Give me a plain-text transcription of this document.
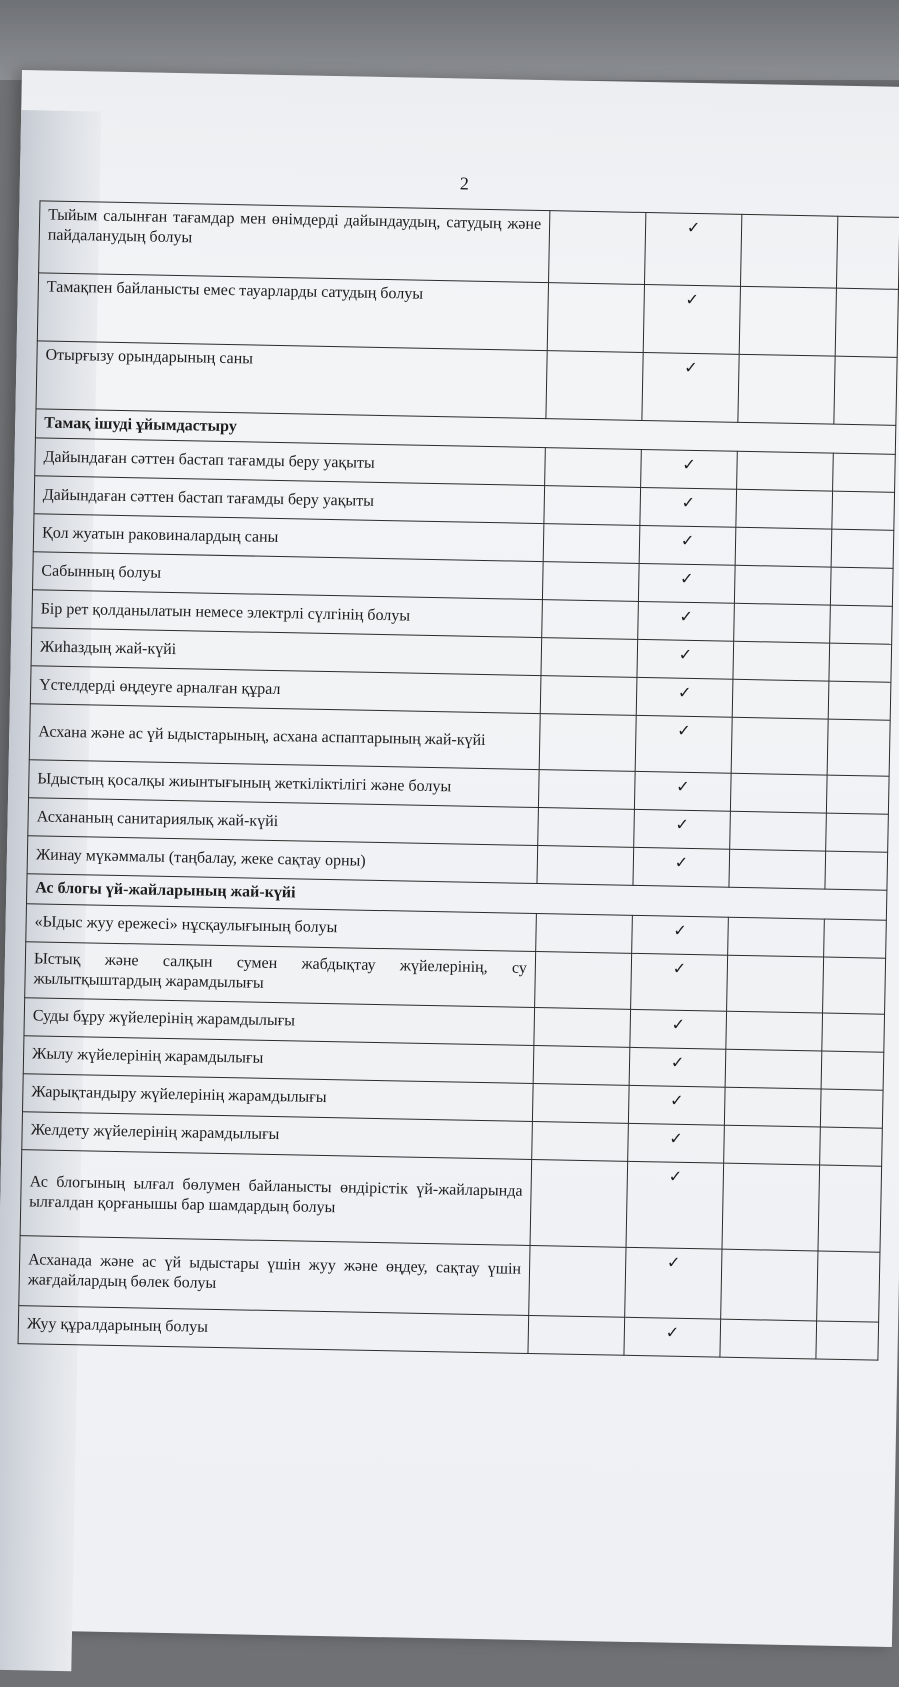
2
Тыйым салынған тағамдар мен өнімдерді дайындаудың, сатудың және пайдаланудың болуы		✓		
Тамақпен байланысты емес тауарларды сатудың болуы		✓		
Отырғызу орындарының саны		✓		
Тамақ ішуді ұйымдастыру				
Дайындаған сәттен бастап тағамды беру уақыты		✓		
Дайындаған сәттен бастап тағамды беру уақыты		✓		
Қол жуатын раковиналардың саны		✓		
Сабынның болуы		✓		
Бір рет қолданылатын немесе электрлі сүлгінің болуы		✓		
Жиһаздың жай-күйі		✓		
Үстелдерді өңдеуге арналған құрал		✓		
Асхана және ас үй ыдыстарының, асхана аспаптарының жай-күйі		✓		
Ыдыстың қосалқы жиынтығының жеткіліктілігі және болуы		✓		
Асхананың санитариялық жай-күйі		✓		
Жинау мүкәммалы (таңбалау, жеке сақтау орны)		✓		
Ас блогы үй-жайларының жай-күйі				
«Ыдыс жуу ережесі» нұсқаулығының болуы		✓		
Ыстық және салқын сумен жабдықтау жүйелерінің, су жылытқыштардың жарамдылығы		✓		
Суды бұру жүйелерінің жарамдылығы		✓		
Жылу жүйелерінің жарамдылығы		✓		
Жарықтандыру жүйелерінің жарамдылығы		✓		
Желдету жүйелерінің жарамдылығы		✓		
Ас блогының ылғал бөлумен байланысты өндірістік үй-жайларында ылғалдан қорғанышы бар шамдардың болуы		✓		
Асханада және ас үй ыдыстары үшін жуу және өңдеу, сақтау үшін жағдайлардың бөлек болуы		✓		
Жуу құралдарының болуы		✓		
